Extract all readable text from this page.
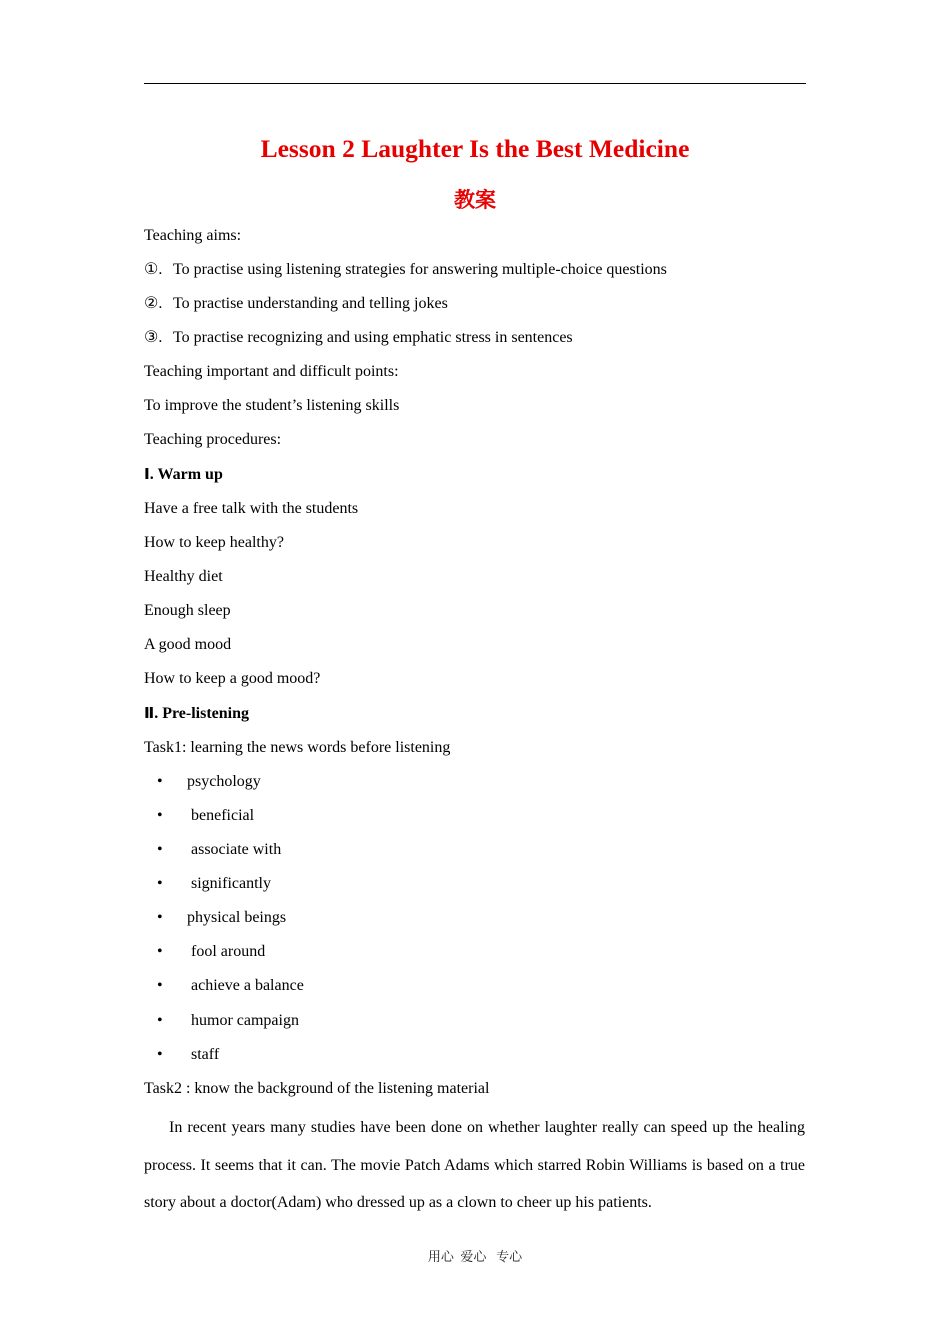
Lesson 2 Laughter Is the Best Medicine
教案
Teaching aims:
①. To practise using listening strategies for answering multiple-choice questions
②. To practise understanding and telling jokes
③. To practise recognizing and using emphatic stress in sentences
Teaching important and difficult points:
To improve the student’s listening skills
Teaching procedures:
Ⅰ. Warm up
Have a free talk with the students
How to keep healthy?
Healthy diet
Enough sleep
A good mood
How to keep a good mood?
Ⅱ. Pre-listening
Task1: learning the news words before listening
• psychology
• beneficial
• associate with
• significantly
• physical beings
• fool around
• achieve a balance
• humor campaign
• staff
Task2 : know the background of the listening material
In recent years many studies have been done on whether laughter really can speed up the healing process. It seems that it can. The movie Patch Adams which starred Robin Williams is based on a true story about a doctor(Adam) who dressed up as a clown to cheer up his patients.
用心  爱心   专心
